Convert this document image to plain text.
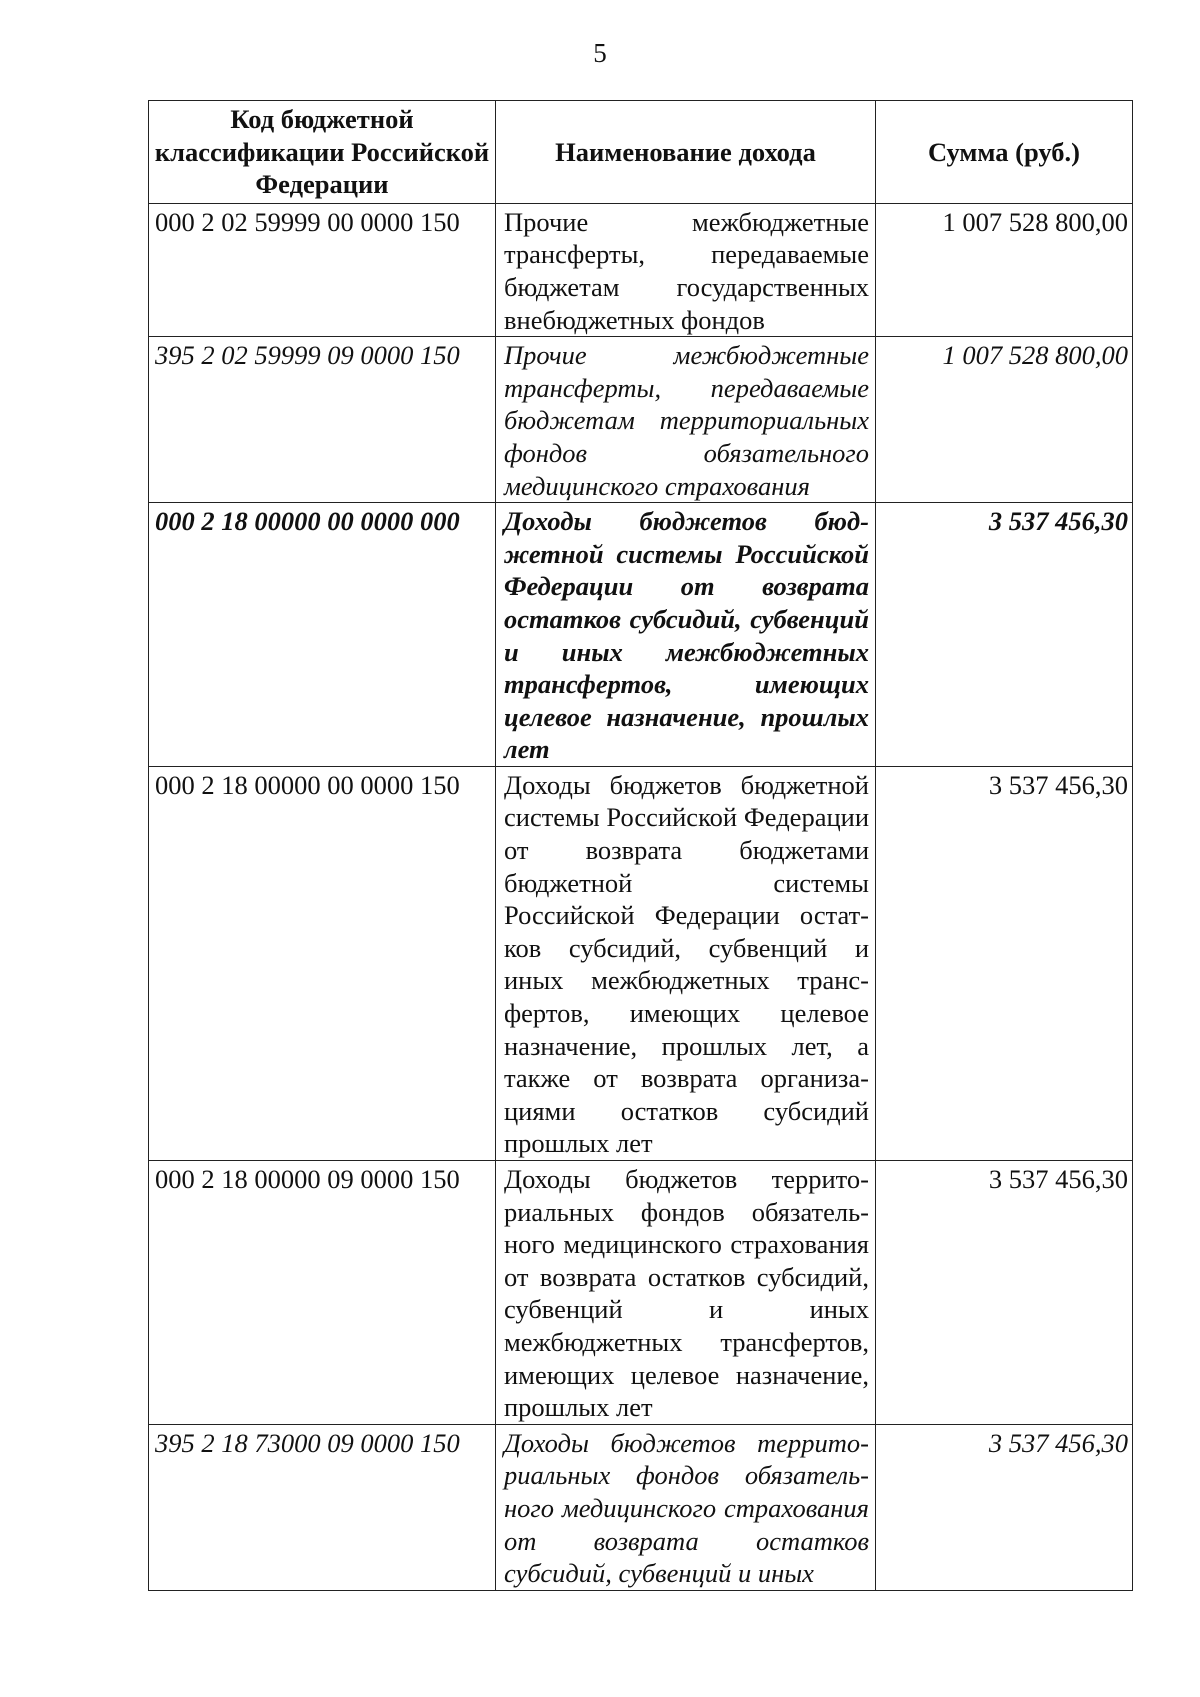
5
Код бюджетной классификации Российской Федерации	Наименование дохода	Сумма (руб.)
000 2 02 59999 00 0000 150	Прочие межбюджетные трансферты, передаваемые бюджетам государственных внебюджетных фондов	1 007 528 800,00
395 2 02 59999 09 0000 150	Прочие межбюджетные трансферты, передаваемые бюджетам территориальных фондов обязательного медицинского страхования	1 007 528 800,00
000 2 18 00000 00 0000 000	Доходы бюджетов бюджетной системы Российской Федерации от возврата остатков субсидий, субвенций и иных межбюджетных трансфертов, имеющих целевое назначение, прошлых лет	3 537 456,30
000 2 18 00000 00 0000 150	Доходы бюджетов бюджетной системы Российской Федерации от возврата бюджетами бюджетной системы Российской Федерации остатков субсидий, субвенций и иных межбюджетных трансфертов, имеющих целевое назначение, прошлых лет, а также от возврата организациями остатков субсидий прошлых лет	3 537 456,30
000 2 18 00000 09 0000 150	Доходы бюджетов территориальных фондов обязательного медицинского страхования от возврата остатков субсидий, субвенций и иных межбюджетных трансфертов, имеющих целевое назначение, прошлых лет	3 537 456,30
395 2 18 73000 09 0000 150	Доходы бюджетов территориальных фондов обязательного медицинского страхования от возврата остатков субсидий, субвенций и иных	3 537 456,30
